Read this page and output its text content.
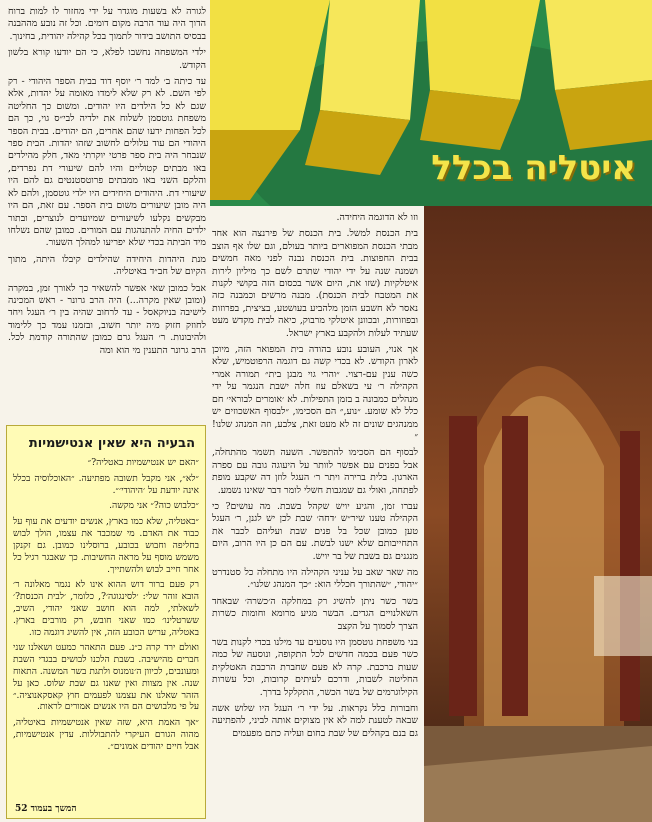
איטליה בכלל

לגורה לא בשעות מוגדר על ידי מחזור לו למות ברוח הדוך היה עוד הרבה מקום דומים. וכל זה נובע מההבנה בבסיס התושב בידור לתמוך בכל קהילה יהודית, בחינוך.

ילדי המשפחה נחשבו לפלא, כי הם יודעו קורא בלשון הקודש.

עד כיתה ב׳ למד ר׳ יוסף דוד בבית הספר היהודי - רק לפי השם. לא רק שלא לימדו מאומה על יהדות, אלא שגם לא כל הילדים היו יהודים. ומשום כך החליטה משפחת גוטסמן לשלוח את ילדיה לבי״ס גוי, כך הם לכל הפחות ידעו שהם אחרים, הם יהודים. בבית הספר היהודי הם עוד עלולים לחשוב שזהו יהדות. הבית ספר שנבחר היה בית ספר פרטי יוקרתי מאד, חלק מהילדים באו מבתים קטוליים והיו להם שיעורי דת נפרדים, והלקם השני באו ממבתים פרוטסטנטים גם להם היו שיעורי דת. היהודים היחידים היו ילדי גוטסמן, ולהם לא היה מובן שיעורים משום בית הספר. עם זאת, הם היו מבקשים נקלעו לשיעורים שמיועדים לנוצרים, ובתור ילדים החיה להתנהגות עם המורים. כמובן שהם נשלחו מיד הביתה בכדי שלא יפריעו למהלך השעור.

מנת היהדות היחידה שהילדים קיבלו היתה, מתוך הקיום של חב״ד באיטליה.

אבל כמובן שאי אפשר להשאיר כך לאורך זמן, במקרה (ומובן שאין מקרה...) היה הרב גרונר - ראש המכינה לישיבה בניוקאסל - עד לרחוב שהיה בין ר׳ העגל ויחד לחוזק חזוק מיה יותר חשוב, ובזמנו עמד כך ללימוד ולהיבונות. ר׳ העגל גרם כמובן שהתורה קודמת לכל. הרב גרונר התענין מי הוא ומה

וזו לא הדוגמה היחידה.

בית הכנסת למשל. בית הכנסת של פירנצה הוא אחד מבתי הכנסת המפוארים ביותר בעולם, וגם שלו אף הוצב בבית החפוצות. בית הכנסת נבנה לפני מאה חמשים ושמנה שנה על ידי יהודי שתרם לשם כך מיליון לירות איטלקיות (שזו את, היום אשר בכסום הזה בקושי לקנות את המטבח לבית הכנסת). מבנה מרשים וכמבנה כזה נאסר לא חשבע הזמן מלהביע בעושטע, בציצית, בפרוזות ובפוזורות, ובכוונן איטלקי מרבוק, כיאה לבית מקדש מעט שעתיד לעלות ולהקבע בארץ ישראל.

אך אנוי, העובע נובע בהודה בית המפואר הזה, מיוכן לארון הקודש. לא בכדי קשה גם דוגמה הרפוטמיש, שלא כשה ענין עם-רצוי. ״והרי גוי מבגן בית״ תמורה אמרי הקהילה ר׳ עי בשאלם עוז חלה ישבת הנגמר על ידי מנהלים כמבונה ב בזמן התפילות. לא ׳אומרים לבוראי׳ חם כלל לא שומע. ״נוע,״ הם הסכימו, ״לבסוף האשכוזים יש ממנהגים שונים זה לא מעט זאת, צלבע, וזה המנהג שלנו!״

לבסוף הם הסכימו להתפשר. השעה תשמר מהתחלה, אבל בפנים עם אפשר לוותר על היעוגה גובה עם ספרה הארגון. בלית ברירה ויתר ר׳ העגל לוזן דה שקבע מופת לפתחה, ואולי גם שמגבות חשלי לומר דבר שאינו נשמע.

עברו זמן, והגיע יויש שקהל בשבת. מה עושים? כי הקהילה טענו שיר״ש ׳דחה׳ שבת לכן יש לגנן, ר׳ העגל טען כמובן שכל בל פנים שבת ועליהם לכבר את התחייבותם שלא ישנו לבשת. עם הם כן היו הרוב, היום מנגנים גם בשבת של בר יויש.

מה שאר שאב על עניני הקהילה היו מתחלה כל סטנדרט ״יהודי, ״שהתורך חכללי הוא: ״כך המנהג שלנו״.

בשר כשר ניתן להשיג רק במחלקה ה׳כשרה׳ שבאחד השאלנויים הגדים. הבשר מגיע מרומא וחומות כשרות הצרך לסמוך על הקצב

בני משפחת גוטסמן היו נוסעים עד מילנו בכדי לקנות בשר כשר פעם בכמה חדשים לכל התקופה, ונוסעה של כמה שעות ברכבת. קרה לא פעם שחברת הרכבת האטלקית החליטה לשבות, ודרכם לעיתים קרובות, וכל עשרות הקילוגרמים של בשר הכשר, התקלקל בדרך.

וחבורות כלל נקראות. על ידי ר׳ העגל היו שלוש אשה שבאה לטענת למה לא אין מצוקים אותה לביני, להפתיעה גם בנם בקהלים של שבת בחום ועליה כתם מפעמים

הבעיה היא שאין אנטישמיות

״האם יש אנטישמיות באטליה?״

״לא״, אני מקבל תשובה מפתיעה. ״האוכלוסיה בכלל אינה יודעת על ׳היהודי׳״.

״כלבוש כוה?״ אני מקשה.

״באטליה, שלא כמו בארץ, אנשים יודעים את עוף על כבוד את האדם. מי שמכבד את עצמו, הולך לבוש בחליפה וחבוש בכובע, ברוסלינו כמובן. גם זקנקן משמש מוסף על מראה החשיבות. כך שאבגר רגיל כל אחר חייב לבוש ולהשתייך.

רק פעם ברור דוש ההוא אינו לא נגמר מאלונה ר׳ הובא זוהר שלי: ׳לסינגוגה׳?, כלומר, ׳לבית הכנסת?׳ לשאלתי, למה הוא חושב שאני יהודי, השיב, ששרטלינו׳ כמו שאני חובש, רק מורבים בארץ. באטליה, עריש הכובע הזה, אין להשיג דוגמה כזו.

ואולם ירד קרה כ״נ. פעם התאהר כמעט ושאלנו שני חברים מהישיבה. בשבת הלכנו לבושים בבגדי השבת ומעונבים, לכיוון ה׳נומנוס ולתגת בשר המשנה. התאוח שנה. אין מצוות ואין שאנו גם שבת שלוס. כאן על הזהר שאלנו את עצמנו לפעמים חוץ קאסקאנוציה.״ על פי מלבושים הם היו אנשים אמורים לראות.

״אך האמת היא, שזה שאין אנטישמיות באיטליה, מהוה הגורם העיקרי להתבוללות. עדין אנטישמיות, אבל חיים יהודים אמונים״.

המשך בעמוד 52
